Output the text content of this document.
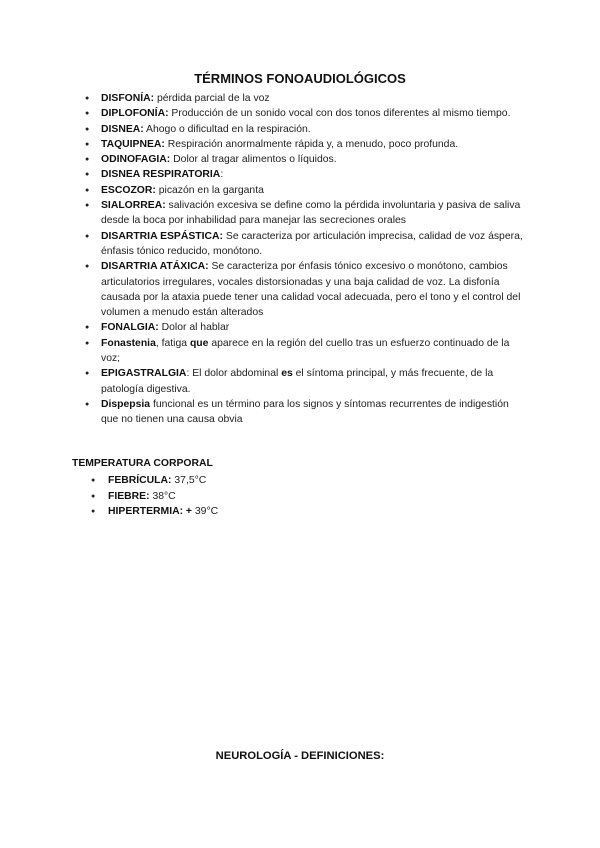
TÉRMINOS FONOAUDIOLÓGICOS
● DISFONÍA: pérdida parcial de la voz
● DIPLOFONÍA: Producción de un sonido vocal con dos tonos diferentes al mismo tiempo.
● DISNEA: Ahogo o dificultad en la respiración.
● TAQUIPNEA: Respiración anormalmente rápida y, a menudo, poco profunda.
● ODINOFAGIA: Dolor al tragar alimentos o líquidos.
● DISNEA RESPIRATORIA:
● ESCOZOR: picazón en la garganta
● SIALORREA: salivación excesiva se define como la pérdida involuntaria y pasiva de saliva desde la boca por inhabilidad para manejar las secreciones orales
● DISARTRIA ESPÁSTICA: Se caracteriza por articulación imprecisa, calidad de voz áspera, énfasis tónico reducido, monótono.
● DISARTRIA ATÁXICA: Se caracteriza por énfasis tónico excesivo o monótono, cambios articulatorios irregulares, vocales distorsionadas y una baja calidad de voz. La disfonía causada por la ataxia puede tener una calidad vocal adecuada, pero el tono y el control del volumen a menudo están alterados
● FONALGIA: Dolor al hablar
● Fonastenia, fatiga que aparece en la región del cuello tras un esfuerzo continuado de la voz;
● EPIGASTRALGIA: El dolor abdominal es el síntoma principal, y más frecuente, de la patología digestiva.
● Dispepsia funcional es un término para los signos y síntomas recurrentes de indigestión que no tienen una causa obvia
TEMPERATURA CORPORAL
● FEBRÍCULA: 37,5°C
● FIEBRE: 38°C
● HIPERTERMIA: + 39°C
NEUROLOGÍA - DEFINICIONES:
